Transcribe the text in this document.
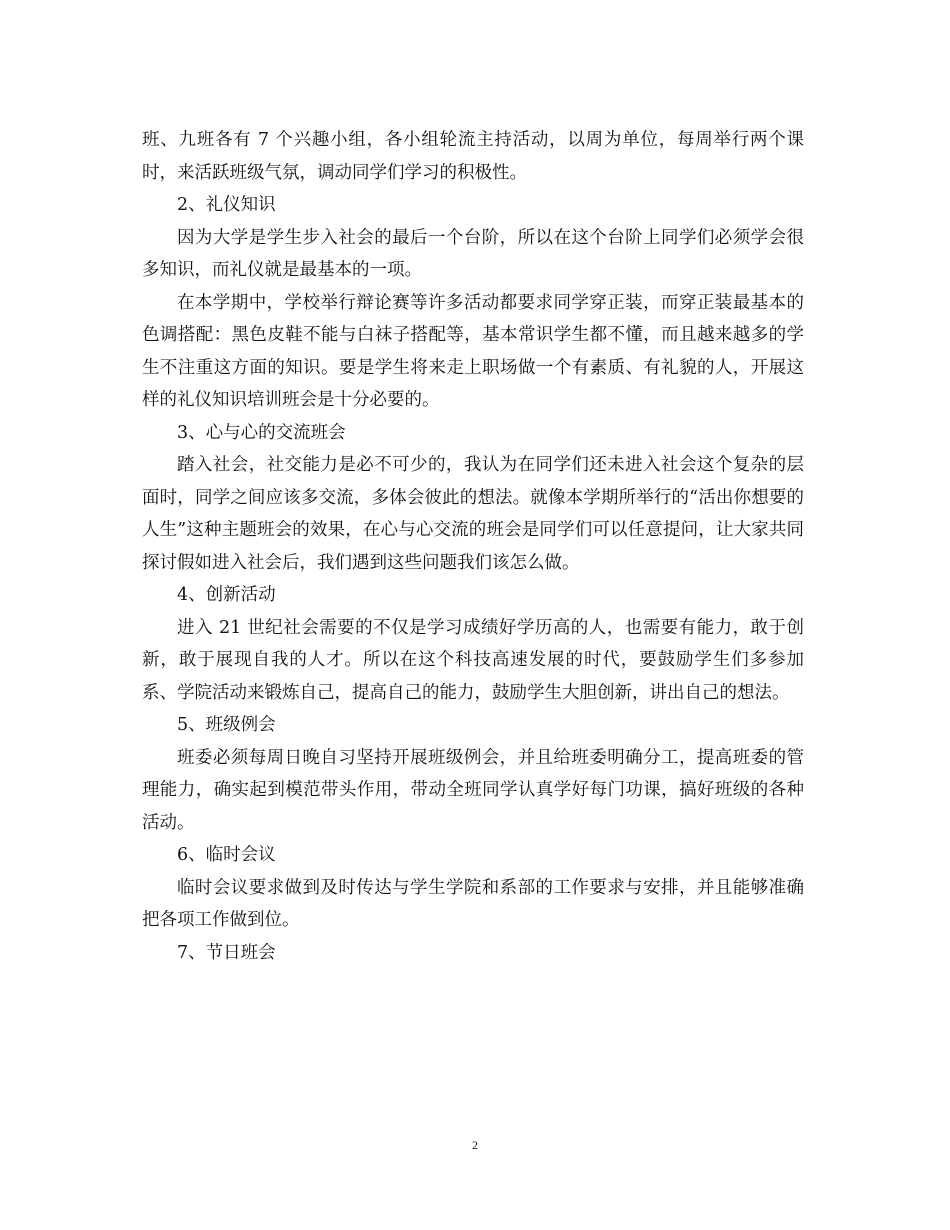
班、九班各有 7 个兴趣小组，各小组轮流主持活动，以周为单位，每周举行两个课时，来活跃班级气氛，调动同学们学习的积极性。

2、礼仪知识

因为大学是学生步入社会的最后一个台阶，所以在这个台阶上同学们必须学会很多知识，而礼仪就是最基本的一项。

在本学期中，学校举行辩论赛等许多活动都要求同学穿正装，而穿正装最基本的色调搭配：黑色皮鞋不能与白袜子搭配等，基本常识学生都不懂，而且越来越多的学生不注重这方面的知识。要是学生将来走上职场做一个有素质、有礼貌的人，开展这样的礼仪知识培训班会是十分必要的。

3、心与心的交流班会

踏入社会，社交能力是必不可少的，我认为在同学们还未进入社会这个复杂的层面时，同学之间应该多交流，多体会彼此的想法。就像本学期所举行的“活出你想要的人生”这种主题班会的效果，在心与心交流的班会是同学们可以任意提问，让大家共同探讨假如进入社会后，我们遇到这些问题我们该怎么做。

4、创新活动

进入 21 世纪社会需要的不仅是学习成绩好学历高的人，也需要有能力，敢于创新，敢于展现自我的人才。所以在这个科技高速发展的时代，要鼓励学生们多参加系、学院活动来锻炼自己，提高自己的能力，鼓励学生大胆创新，讲出自己的想法。

5、班级例会

班委必须每周日晚自习坚持开展班级例会，并且给班委明确分工，提高班委的管理能力，确实起到模范带头作用，带动全班同学认真学好每门功课，搞好班级的各种活动。

6、临时会议

临时会议要求做到及时传达与学生学院和系部的工作要求与安排，并且能够准确把各项工作做到位。

7、节日班会

2
